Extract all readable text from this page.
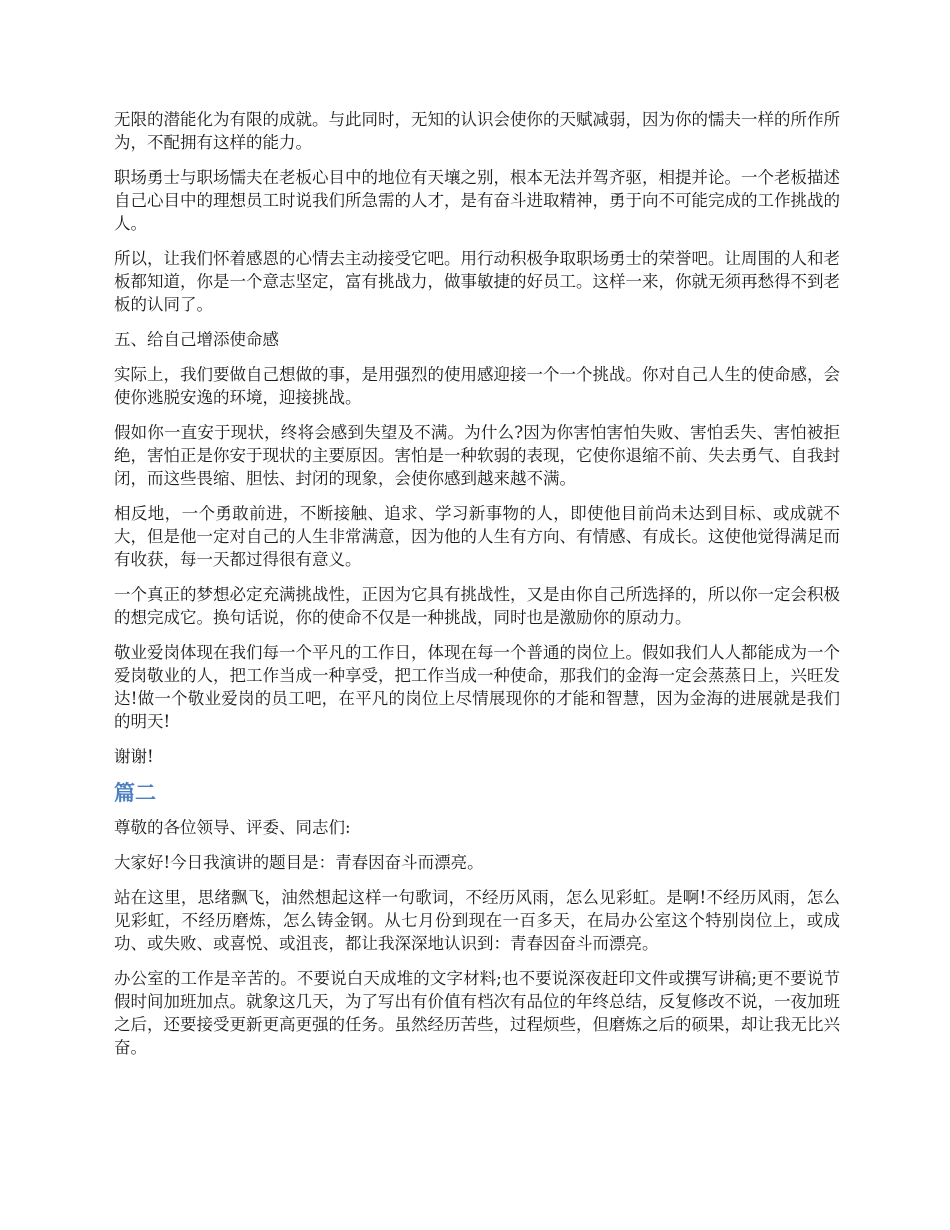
无限的潜能化为有限的成就。与此同时，无知的认识会使你的天赋减弱，因为你的懦夫一样的所作所为，不配拥有这样的能力。

职场勇士与职场懦夫在老板心目中的地位有天壤之别，根本无法并驾齐驱，相提并论。一个老板描述自己心目中的理想员工时说我们所急需的人才，是有奋斗进取精神，勇于向不可能完成的工作挑战的人。

所以，让我们怀着感恩的心情去主动接受它吧。用行动积极争取职场勇士的荣誉吧。让周围的人和老板都知道，你是一个意志坚定，富有挑战力，做事敏捷的好员工。这样一来，你就无须再愁得不到老板的认同了。

五、给自己增添使命感

实际上，我们要做自己想做的事，是用强烈的使用感迎接一个一个挑战。你对自己人生的使命感，会使你逃脱安逸的环境，迎接挑战。

假如你一直安于现状，终将会感到失望及不满。为什么?因为你害怕害怕失败、害怕丢失、害怕被拒绝，害怕正是你安于现状的主要原因。害怕是一种软弱的表现，它使你退缩不前、失去勇气、自我封闭，而这些畏缩、胆怯、封闭的现象，会使你感到越来越不满。

相反地，一个勇敢前进，不断接触、追求、学习新事物的人，即使他目前尚未达到目标、或成就不大，但是他一定对自己的人生非常满意，因为他的人生有方向、有情感、有成长。这使他觉得满足而有收获，每一天都过得很有意义。

一个真正的梦想必定充满挑战性，正因为它具有挑战性，又是由你自己所选择的，所以你一定会积极的想完成它。换句话说，你的使命不仅是一种挑战，同时也是激励你的原动力。

敬业爱岗体现在我们每一个平凡的工作日，体现在每一个普通的岗位上。假如我们人人都能成为一个爱岗敬业的人，把工作当成一种享受，把工作当成一种使命，那我们的金海一定会蒸蒸日上，兴旺发达!做一个敬业爱岗的员工吧，在平凡的岗位上尽情展现你的才能和智慧，因为金海的进展就是我们的明天!

谢谢!

篇二

尊敬的各位领导、评委、同志们:

大家好!今日我演讲的题目是：青春因奋斗而漂亮。

站在这里，思绪飘飞，油然想起这样一句歌词，不经历风雨，怎么见彩虹。是啊!不经历风雨，怎么见彩虹，不经历磨炼，怎么铸金钢。从七月份到现在一百多天，在局办公室这个特别岗位上，或成功、或失败、或喜悦、或沮丧，都让我深深地认识到：青春因奋斗而漂亮。

办公室的工作是辛苦的。不要说白天成堆的文字材料;也不要说深夜赶印文件或撰写讲稿;更不要说节假时间加班加点。就象这几天，为了写出有价值有档次有品位的年终总结，反复修改不说，一夜加班之后，还要接受更新更高更强的任务。虽然经历苦些，过程烦些，但磨炼之后的硕果，却让我无比兴奋。
